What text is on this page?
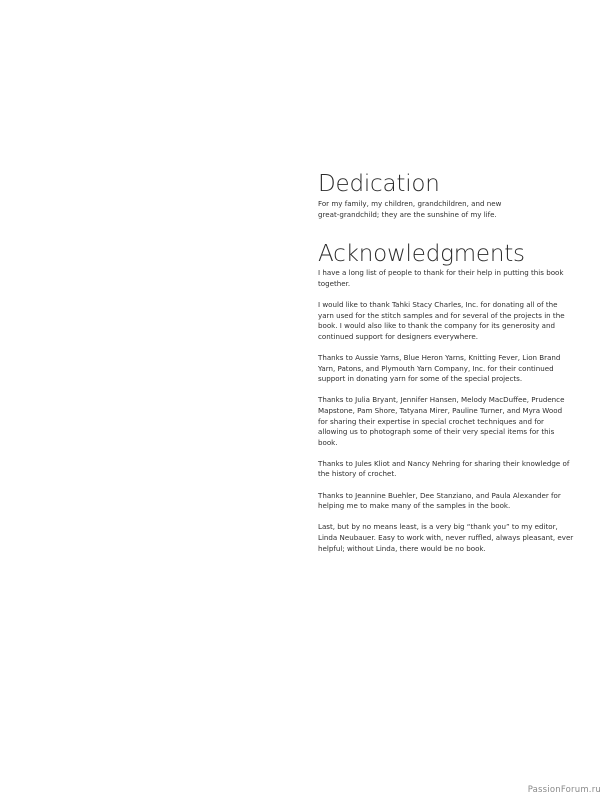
Dedication

For my family, my children, grandchildren, and new great-grandchild; they are the sunshine of my life.

Acknowledgments

I have a long list of people to thank for their help in putting this book together.

I would like to thank Tahki Stacy Charles, Inc. for donating all of the yarn used for the stitch samples and for several of the projects in the book. I would also like to thank the company for its generosity and continued support for designers everywhere.

Thanks to Aussie Yarns, Blue Heron Yarns, Knitting Fever, Lion Brand Yarn, Patons, and Plymouth Yarn Company, Inc. for their continued support in donating yarn for some of the special projects.

Thanks to Julia Bryant, Jennifer Hansen, Melody MacDuffee, Prudence Mapstone, Pam Shore, Tatyana Mirer, Pauline Turner, and Myra Wood for sharing their expertise in special crochet techniques and for allowing us to photograph some of their very special items for this book.

Thanks to Jules Kliot and Nancy Nehring for sharing their knowledge of the history of crochet.

Thanks to Jeannine Buehler, Dee Stanziano, and Paula Alexander for helping me to make many of the samples in the book.

Last, but by no means least, is a very big “thank you” to my editor, Linda Neubauer. Easy to work with, never ruffled, always pleasant, ever helpful; without Linda, there would be no book.

PassionForum.ru
